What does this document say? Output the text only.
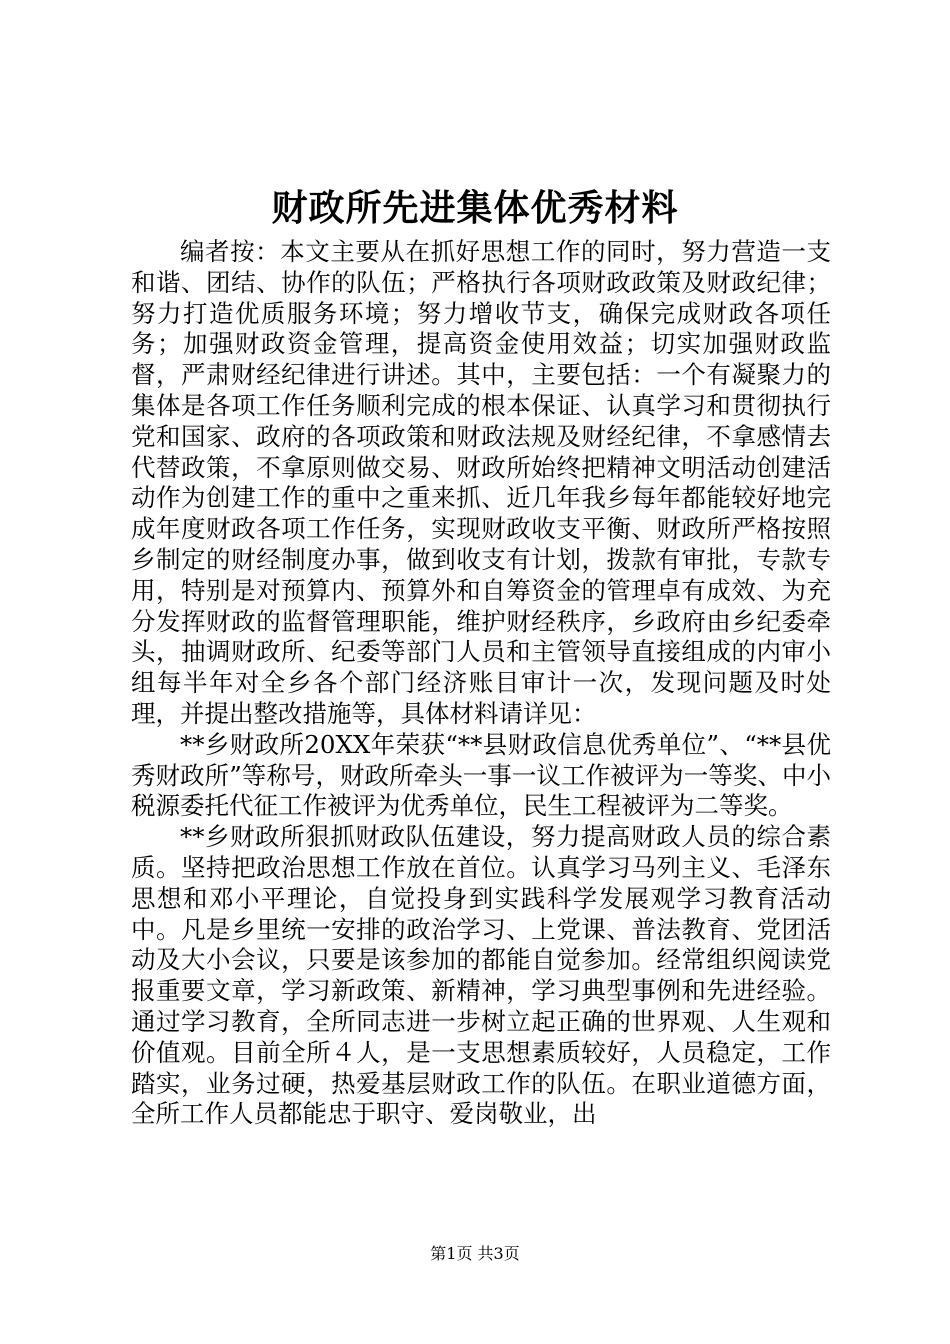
财政所先进集体优秀材料

编者按：本文主要从在抓好思想工作的同时，努力营造一支和谐、团结、协作的队伍；严格执行各项财政政策及财政纪律；努力打造优质服务环境；努力增收节支，确保完成财政各项任务；加强财政资金管理，提高资金使用效益；切实加强财政监督，严肃财经纪律进行讲述。其中，主要包括：一个有凝聚力的集体是各项工作任务顺利完成的根本保证、认真学习和贯彻执行党和国家、政府的各项政策和财政法规及财经纪律，不拿感情去代替政策，不拿原则做交易、财政所始终把精神文明活动创建活动作为创建工作的重中之重来抓、近几年我乡每年都能较好地完成年度财政各项工作任务，实现财政收支平衡、财政所严格按照乡制定的财经制度办事，做到收支有计划，拨款有审批，专款专用，特别是对预算内、预算外和自筹资金的管理卓有成效、为充分发挥财政的监督管理职能，维护财经秩序，乡政府由乡纪委牵头，抽调财政所、纪委等部门人员和主管领导直接组成的内审小组每半年对全乡各个部门经济账目审计一次，发现问题及时处理，并提出整改措施等，具体材料请详见：

**乡财政所20XX年荣获“**县财政信息优秀单位”、“**县优秀财政所”等称号，财政所牵头一事一议工作被评为一等奖、中小税源委托代征工作被评为优秀单位，民生工程被评为二等奖。

**乡财政所狠抓财政队伍建设，努力提高财政人员的综合素质。坚持把政治思想工作放在首位。认真学习马列主义、毛泽东思想和邓小平理论，自觉投身到实践科学发展观学习教育活动中。凡是乡里统一安排的政治学习、上党课、普法教育、党团活动及大小会议，只要是该参加的都能自觉参加。经常组织阅读党报重要文章，学习新政策、新精神，学习典型事例和先进经验。通过学习教育，全所同志进一步树立起正确的世界观、人生观和价值观。目前全所４人，是一支思想素质较好，人员稳定，工作踏实，业务过硬，热爱基层财政工作的队伍。在职业道德方面，全所工作人员都能忠于职守、爱岗敬业，出

第1页 共3页
